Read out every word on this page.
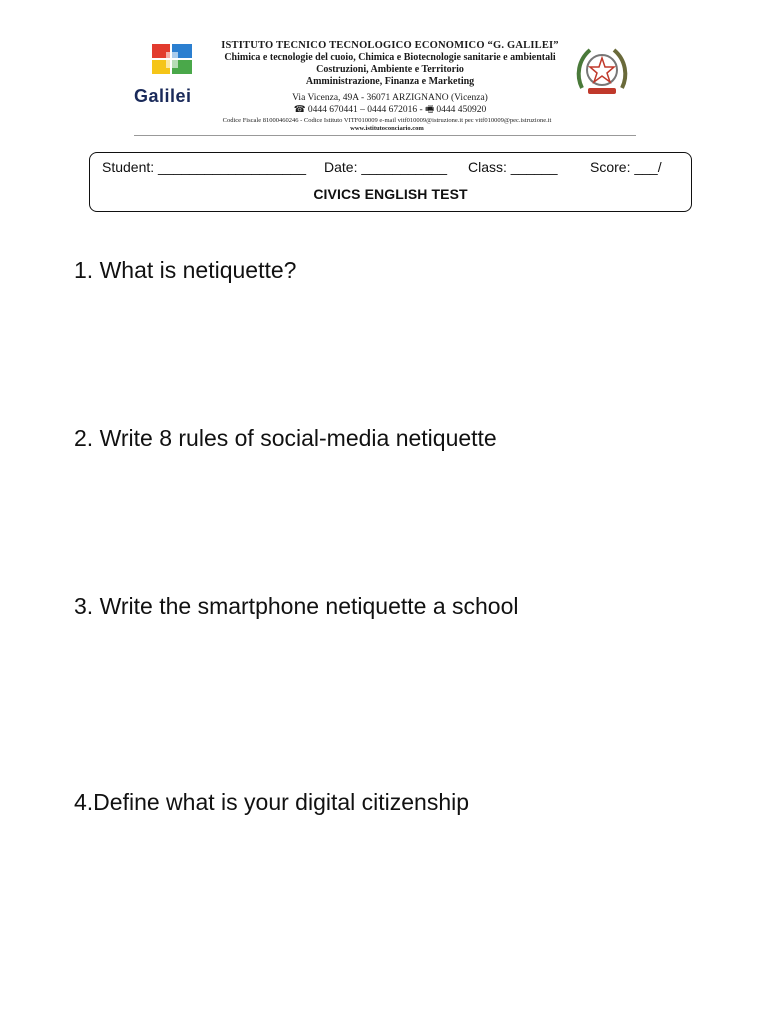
Galilei
ISTITUTO TECNICO TECNOLOGICO ECONOMICO “G. GALILEI”
Chimica e tecnologie del cuoio, Chimica e Biotecnologie sanitarie e ambientali
Costruzioni, Ambiente e Territorio
Amministrazione, Finanza e Marketing
Via Vicenza, 49A - 36071 ARZIGNANO (Vicenza)
☎ 0444 670441 – 0444 672016 - 🖷 0444 450920
Codice Fiscale 81000460246 - Codice Istituto VITF010009 e-mail vitf010009@istruzione.it pec vitf010009@pec.istruzione.it
www.istitutoconciario.com
Student: ___________________ Date: ___________ Class: ______ Score: ___/
CIVICS ENGLISH TEST
1. What is netiquette?
2. Write 8 rules of social-media netiquette
3. Write the smartphone netiquette a school
4.Define what is your digital citizenship
